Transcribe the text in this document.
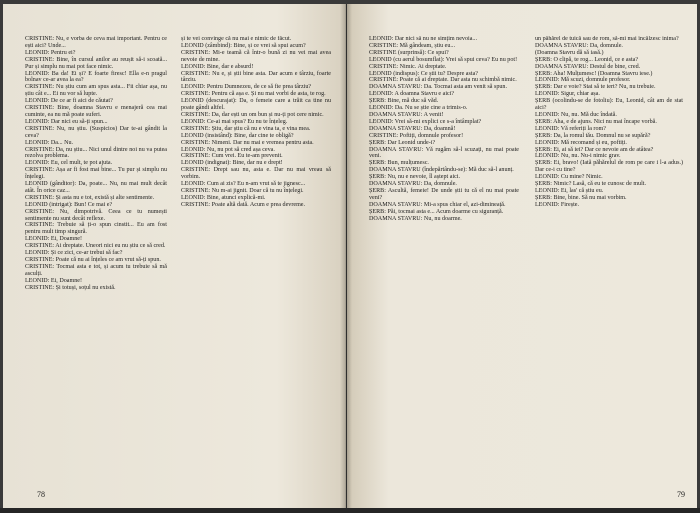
CRISTINE: Nu, e vorba de ceva mai important. Pentru ce ești aici? Unde...

LEONID: Pentru ei?

CRISTINE: Bine, în cursul anilor au reușit să-i scoată... Pur și simplu nu mai pot face nimic.

LEONID: Ba da! Ei și? E foarte firesc! Ella e-n pragul bolnav ce-ar avea la ea?

CRISTINE: Nu știu cum am spus asta... Fii chiar așa, nu știu cât e... Ei nu vor să lupte.

LEONID: De ce ar fi aici de căutat?

CRISTINE: Bine, doamna Stavru e menajeră cea mai cuminte, ea nu mă poate suferi.

LEONID: Dar nici eu să-ți spun...

CRISTINE: Nu, nu știu. (Suspicios) Dar te-ai gândit la ceva?

LEONID: Da... Nu.

CRISTINE: Da, nu știu... Nici unul dintre noi nu va putea rezolva problema.

LEONID: Eu, cel mult, te pot ajuta.

CRISTINE: Așa ar fi fost mai bine... Tu pur și simplu nu înțelegi.

LEONID (gânditor): Da, poate... Nu, nu mai mult decât atât. În orice caz...

CRISTINE: Și asta nu e tot, există și alte sentimente.

LEONID (intrigat): Bun! Ce mai e?

CRISTINE: Nu, dimpotrivă. Ceea ce tu numești sentimente nu sunt decât reflexe.

CRISTINE: Trebuie să ți-o spun cinstit... Eu am fost pentru mult timp singură.

LEONID: Ei, Doamne!

CRISTINE: Ai dreptate. Uneori nici eu nu știu ce să cred.

LEONID: Și ce zici, ce-ar trebui să fac?

CRISTINE: Poate că nu ai înțeles ce am vrut să-ți spun.

CRISTINE: Tocmai asta e tot, și acum tu trebuie să mă asculți.

LEONID: Ei, Doamne!

CRISTINE: Și totuși, soțul nu există.

și te vei convinge că nu mai e nimic de făcut.

LEONID (zâmbind): Bine, și ce vrei să spui acum?

CRISTINE: Mi-e teamă că într-o bună zi nu vei mai avea nevoie de mine.

LEONID: Bine, dar e absurd!

CRISTINE: Nu e, și știi bine asta. Dar acum e târziu, foarte târziu.

LEONID: Pentru Dumnezeu, de ce să fie prea târziu?

CRISTINE: Pentru că așa e. Și nu mai vorbi de asta, te rog.

LEONID (descurajat): Da, o femeie care a trăit ca tine nu poate gândi altfel.

CRISTINE: Da, dar ești un om bun și nu-ți pot cere nimic.

LEONID: Ce-ai mai spus? Eu nu te înțeleg.

CRISTINE: Știu, dar știu că nu e vina ta, e vina mea.

LEONID (insistând): Bine, dar cine te obligă?

CRISTINE: Nimeni. Dar nu mai e vremea pentru asta.

LEONID: Nu, nu pot să cred așa ceva.

CRISTINE: Cum vrei. Eu te-am prevenit.

LEONID (indignat): Bine, dar nu e drept!

CRISTINE: Drept sau nu, asta e. Dar nu mai vreau să vorbim.

LEONID: Cum ai zis? Eu n-am vrut să te jignesc...

CRISTINE: Nu m-ai jignit. Doar că tu nu înțelegi.

LEONID: Bine, atunci explică-mi.

CRISTINE: Poate altă dată. Acum e prea devreme.

78

LEONID: Dar nici să nu ne simțim nevoia...

CRISTINE: Mă gândeam, știu eu...

CRISTINE (surprinsă): Ce spui?

LEONID (cu aerul bosumflat): Vrei să spui ceva? Eu nu pot!

CRISTINE: Nimic. Ai dreptate.

LEONID (indispus): Ce știi tu? Despre asta?

CRISTINE: Poate că ai dreptate. Dar asta nu schimbă nimic.

DOAMNA STAVRU: Da. Tocmai asta am venit să spun.

LEONID: A doamna Stavru e aici?

ȘERB: Bine, mă duc să văd.

LEONID: Da. Nu se știe cine a trimis-o.

DOAMNA STAVRU: A venit!

LEONID: Vrei să-mi explici ce s-a întâmplat?

DOAMNA STAVRU: Da, doamnă!

CRISTINE: Poftiți, domnule profesor!

ȘERB: Dar Leonid unde-i?

DOAMNA STAVRU: Vă rugăm să-l scuzați, nu mai poate veni.

ȘERB: Bun, mulțumesc.

DOAMNA STAVRU (îndepărtându-se): Mă duc să-l anunț.

ȘERB: Nu, nu e nevoie, îl aștept aici.

DOAMNA STAVRU: Da, domnule.

ȘERB: Ascultă, femeie! De unde știi tu că el nu mai poate veni?

DOAMNA STAVRU: Mi-a spus chiar el, azi-dimineață.

ȘERB: Păi, tocmai asta e... Acum doarme cu siguranță.

DOAMNA STAVRU: Nu, nu doarme.

un păhărel de tuică sau de rom, să-mi mai încălzesc inima?

DOAMNA STAVRU: Da, domnule.

(Doamna Stavru dă să iasă.)

ȘERB: O clipă, te rog... Leonid, ce e asta?

DOAMNA STAVRU: Destul de bine, cred.

ȘERB: Aha! Mulțumesc! (Doamna Stavru iese.)

LEONID: Mă scuzi, domnule profesor.

ȘERB: Dar e voie? Stai să te iert? Nu, nu trebuie.

LEONID: Sigur, chiar așa.

ȘERB (ocolindu-se de fotoliu): Eu, Leonid, cât am de stat aici?

LEONID: Nu, nu. Mă duc îndată.

ȘERB: Aha, e de ajuns. Nici nu mai încape vorbă.

LEONID: Vă referiți la rom?

ȘERB: Da, la romul tău. Domnul nu se supără?

LEONID: Mă recomand și eu, poftiți.

ȘERB: Ei, ai să iei? Dar ce nevoie am de atâtea?

LEONID: Nu, nu. Nu-i nimic grav.

ȘERB: Ei, bravo! (Iată păhărelul de rom pe care i l-a adus.) Dar ce-i cu tine?

LEONID: Cu mine? Nimic.

ȘERB: Nimic? Lasă, că eu te cunosc de mult.

LEONID: Ei, las' că știu eu.

ȘERB: Bine, bine. Să nu mai vorbim.

LEONID: Firește.

79
